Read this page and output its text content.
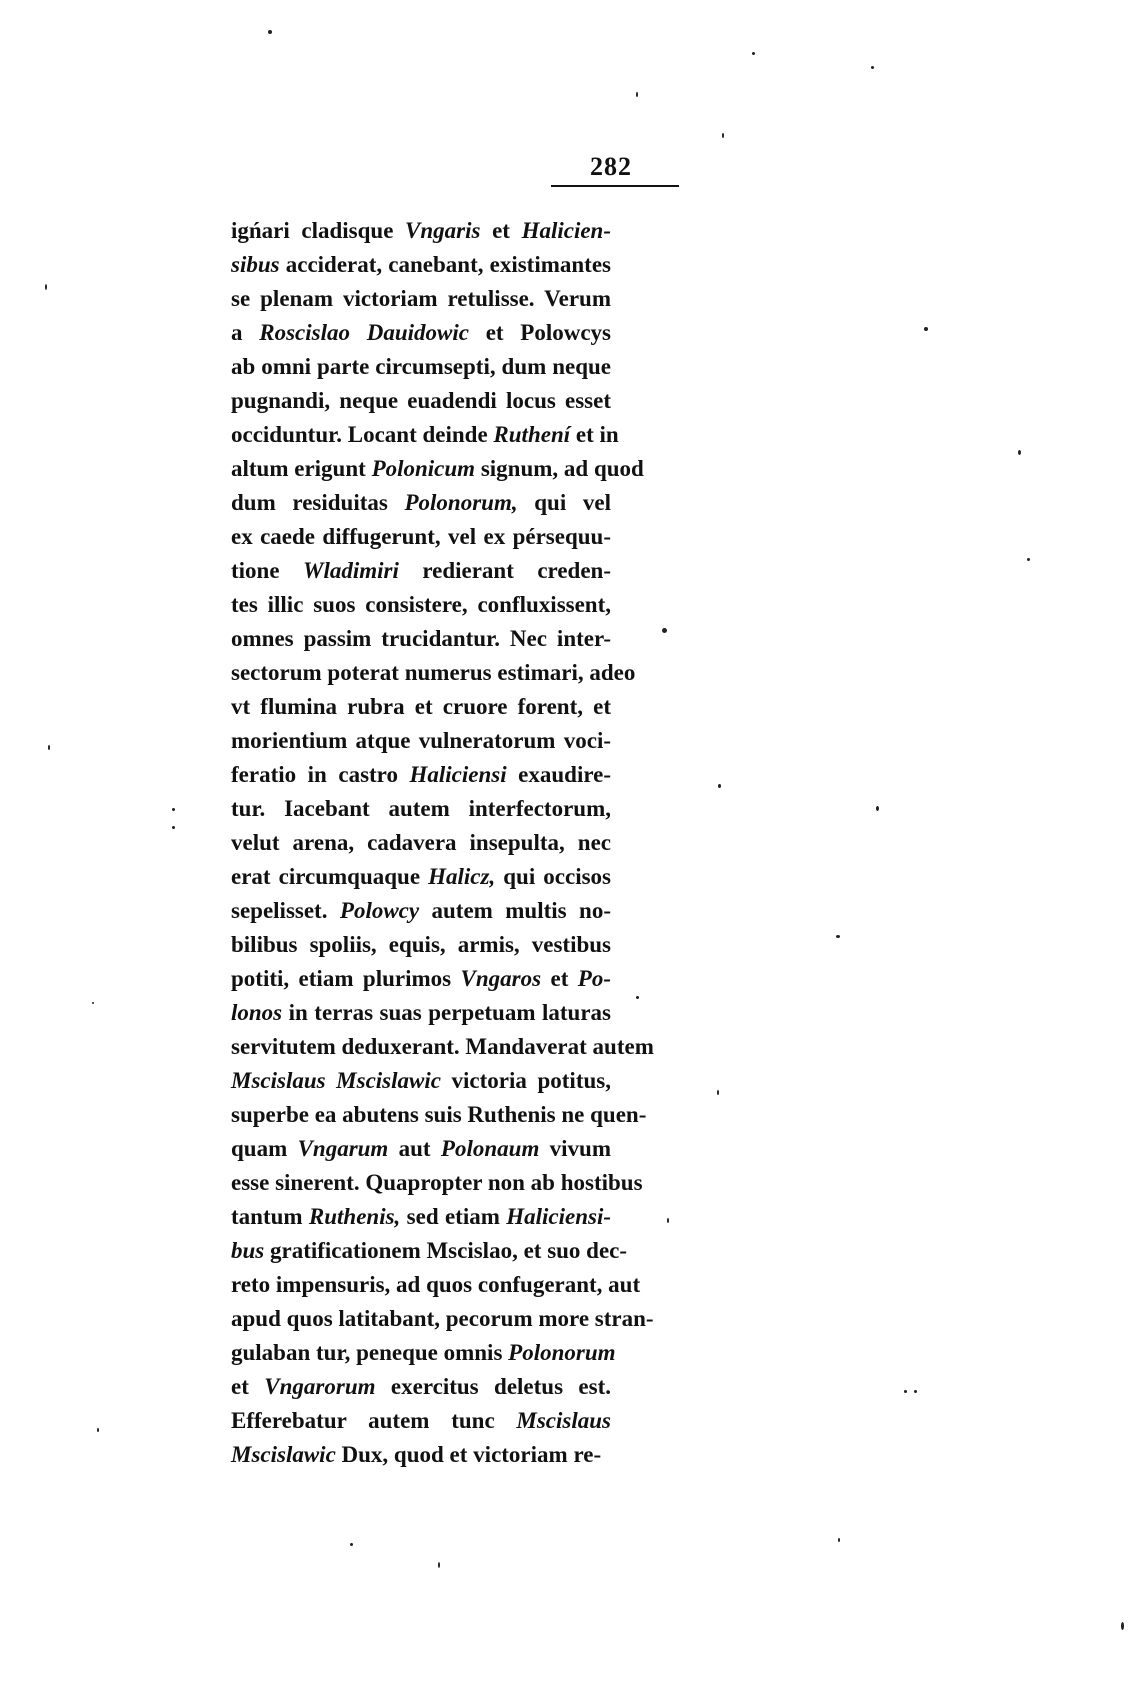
282
igńari cladisque Vngaris et Halicien-
sibus acciderat, canebant, existimantes
se plenam victoriam retulisse. Verum
a Roscislao Dauidowic et Polowcys
ab omni parte circumsepti, dum neque
pugnandi, neque euadendi locus esset
occiduntur. Locant deinde Ruthení et in
altum erigunt Polonicum signum, ad quod
dum residuitas Polonorum, qui vel
ex caede diffugerunt, vel ex pérsequu-
tione Wladimiri redierant creden-
tes illic suos consistere, confluxissent,
omnes passim trucidantur. Nec inter-
sectorum poterat numerus estimari, adeo
vt flumina rubra et cruore forent, et
morientium atque vulneratorum voci-
feratio in castro Haliciensi exaudire-
tur. Iacebant autem interfectorum,
velut arena, cadavera insepulta, nec
erat circumquaque Halicz, qui occisos
sepelisset. Polowcy autem multis no-
bilibus spoliis, equis, armis, vestibus
potiti, etiam plurimos Vngaros et Po-
lonos in terras suas perpetuam laturas
servitutem deduxerant. Mandaverat autem
Mscislaus Mscislawic victoria potitus,
superbe ea abutens suis Ruthenis ne quen-
quam Vngarum aut Polonaum vivum
esse sinerent. Quapropter non ab hostibus
tantum Ruthenis, sed etiam Haliciensi-
bus gratificationem Mscislao, et suo dec-
reto impensuris, ad quos confugerant, aut
apud quos latitabant, pecorum more stran-
gulaban tur, peneque omnis Polonorum
et Vngarorum exercitus deletus est.
Efferebatur autem tunc Mscislaus
Mscislawic Dux, quod et victoriam re-
